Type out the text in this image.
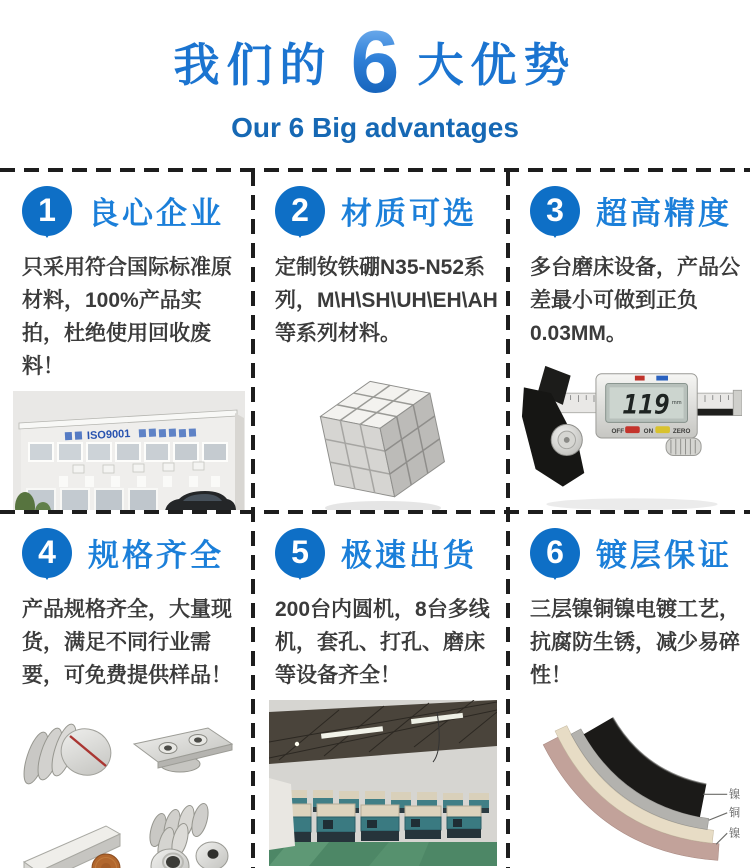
我们的 6 大优势
Our 6 Big advantages
1 良心企业
只采用符合国际标准原材料，100%产品实拍，杜绝使用回收废料！
ISO9001
2 材质可选
定制钕铁硼N35-N52系列，M\H\SH\UH\EH\AH等系列材料。
3 超高精度
多台磨床设备，产品公差最小可做到正负0.03MM。
119 mm
OFF	ON	ZERO
4 规格齐全
产品规格齐全，大量现货，满足不同行业需要，可免费提供样品！
5 极速出货
200台内圆机，8台多线机，套孔、打孔、磨床等设备齐全！
6 镀层保证
三层镍铜镍电镀工艺，抗腐防生锈，减少易碎性！
镍
铜
镍
